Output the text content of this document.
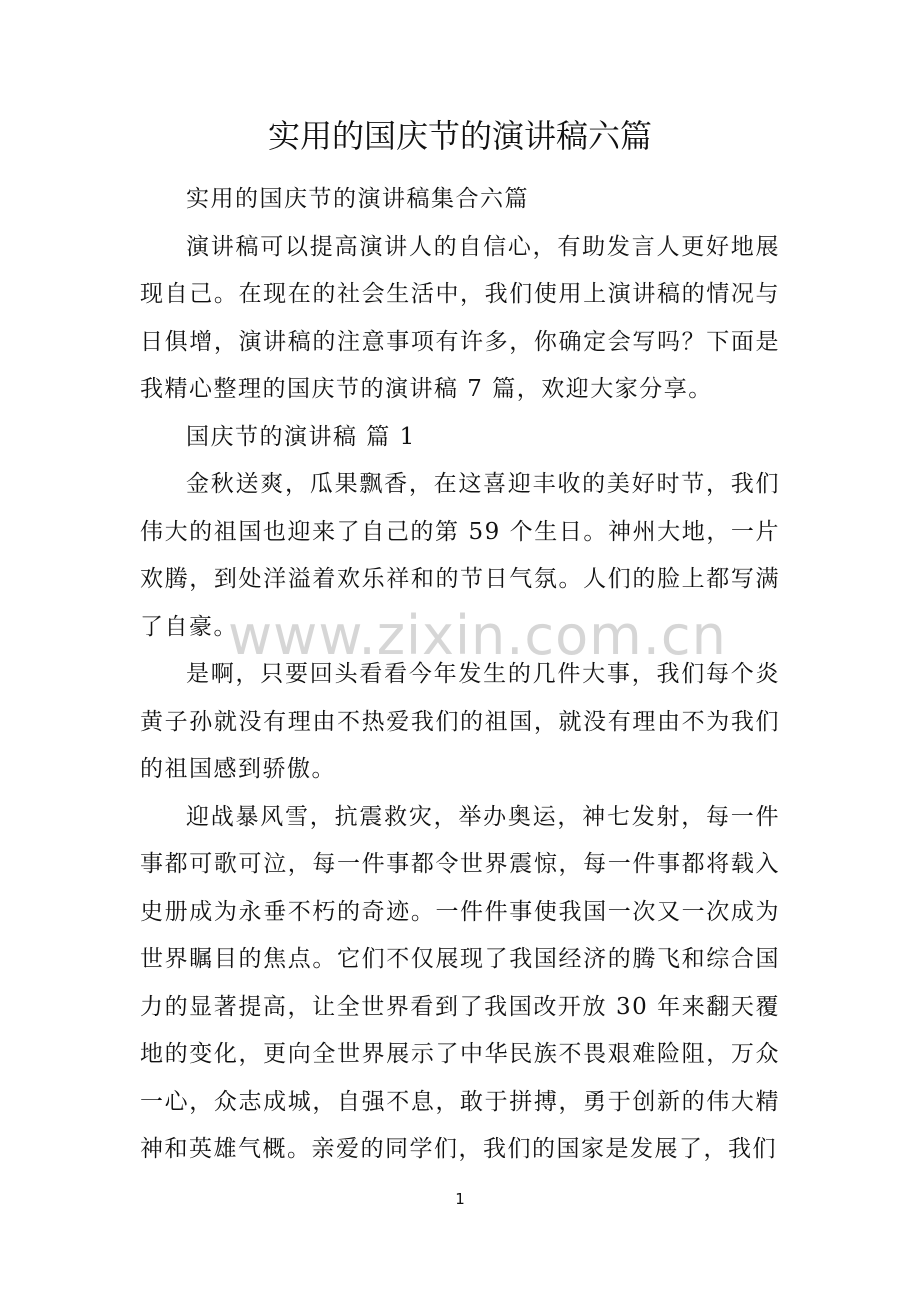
实用的国庆节的演讲稿六篇

实用的国庆节的演讲稿集合六篇

演讲稿可以提高演讲人的自信心，有助发言人更好地展现自己。在现在的社会生活中，我们使用上演讲稿的情况与日俱增，演讲稿的注意事项有许多，你确定会写吗？下面是我精心整理的国庆节的演讲稿 7 篇，欢迎大家分享。

国庆节的演讲稿 篇 1

金秋送爽，瓜果飘香，在这喜迎丰收的美好时节，我们伟大的祖国也迎来了自己的第 59 个生日。神州大地，一片欢腾，到处洋溢着欢乐祥和的节日气氛。人们的脸上都写满了自豪。

是啊，只要回头看看今年发生的几件大事，我们每个炎黄子孙就没有理由不热爱我们的祖国，就没有理由不为我们的祖国感到骄傲。

迎战暴风雪，抗震救灾，举办奥运，神七发射，每一件事都可歌可泣，每一件事都令世界震惊，每一件事都将载入史册成为永垂不朽的奇迹。一件件事使我国一次又一次成为世界瞩目的焦点。它们不仅展现了我国经济的腾飞和综合国力的显著提高，让全世界看到了我国改开放 30 年来翻天覆地的变化，更向全世界展示了中华民族不畏艰难险阻，万众一心，众志成城，自强不息，敢于拼搏，勇于创新的伟大精神和英雄气概。亲爱的同学们，我们的国家是发展了，我们

www.zixin.com.cn
1
